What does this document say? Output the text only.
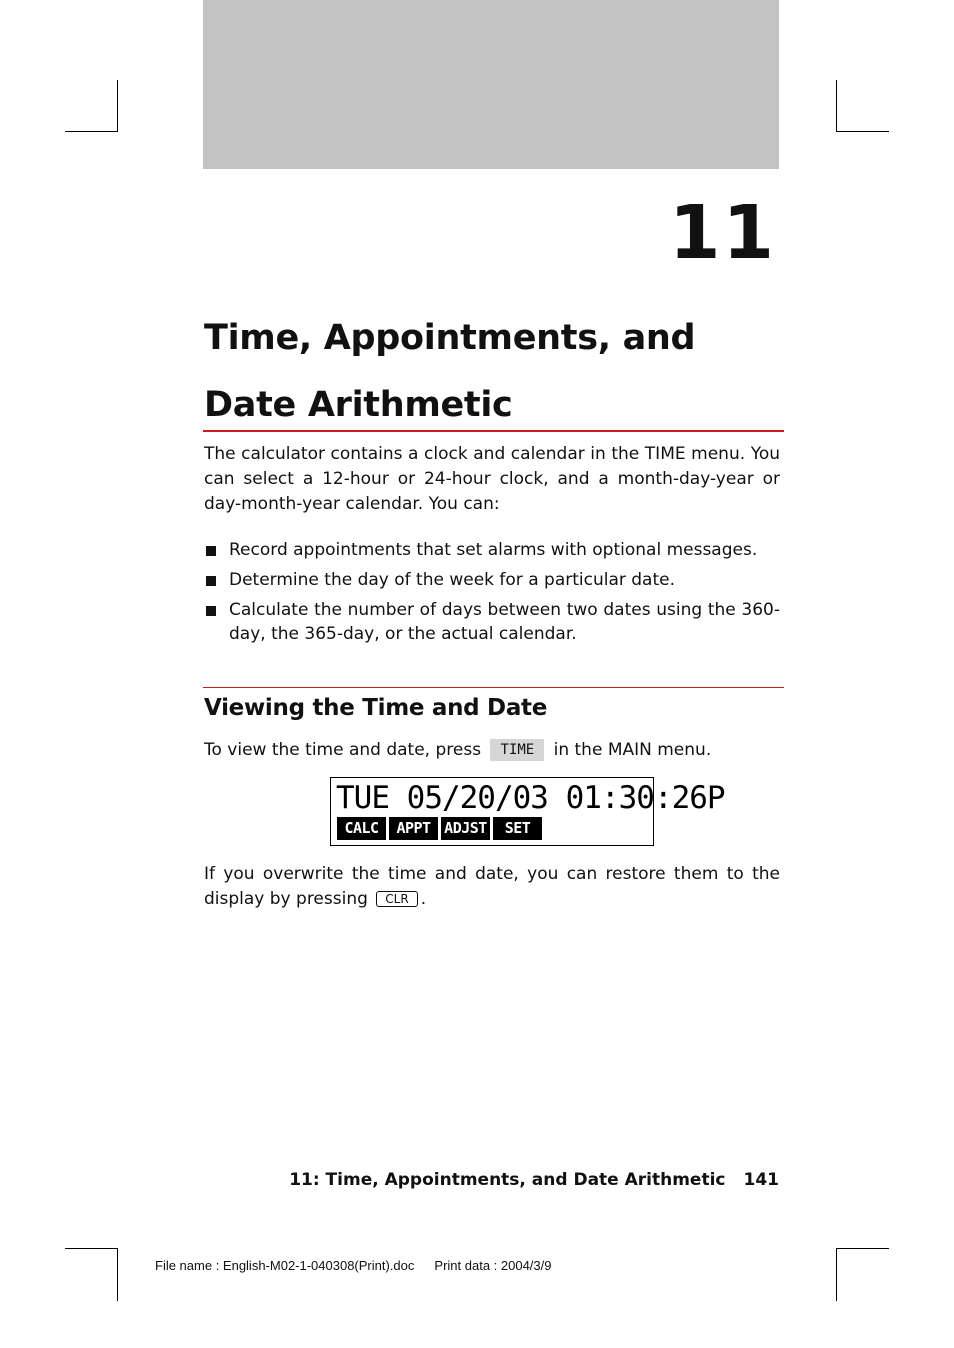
11
Time, Appointments, and
Date Arithmetic
The calculator contains a clock and calendar in the TIME menu. You can select a 12-hour or 24-hour clock, and a month-day-year or day-month-year calendar. You can:
Record appointments that set alarms with optional messages.
Determine the day of the week for a particular date.
Calculate the number of days between two dates using the 360-day, the 365-day, or the actual calendar.
Viewing the Time and Date
To view the time and date, press TIME in the MAIN menu.
TUE 05/20/03 01:30:26P
CALC	APPT ADJST	SET
If you overwrite the time and date, you can restore them to the display by pressing CLR .
11: Time, Appointments, and Date Arithmetic 141
File name : English-M02-1-040308(Print).doc Print data : 2004/3/9
